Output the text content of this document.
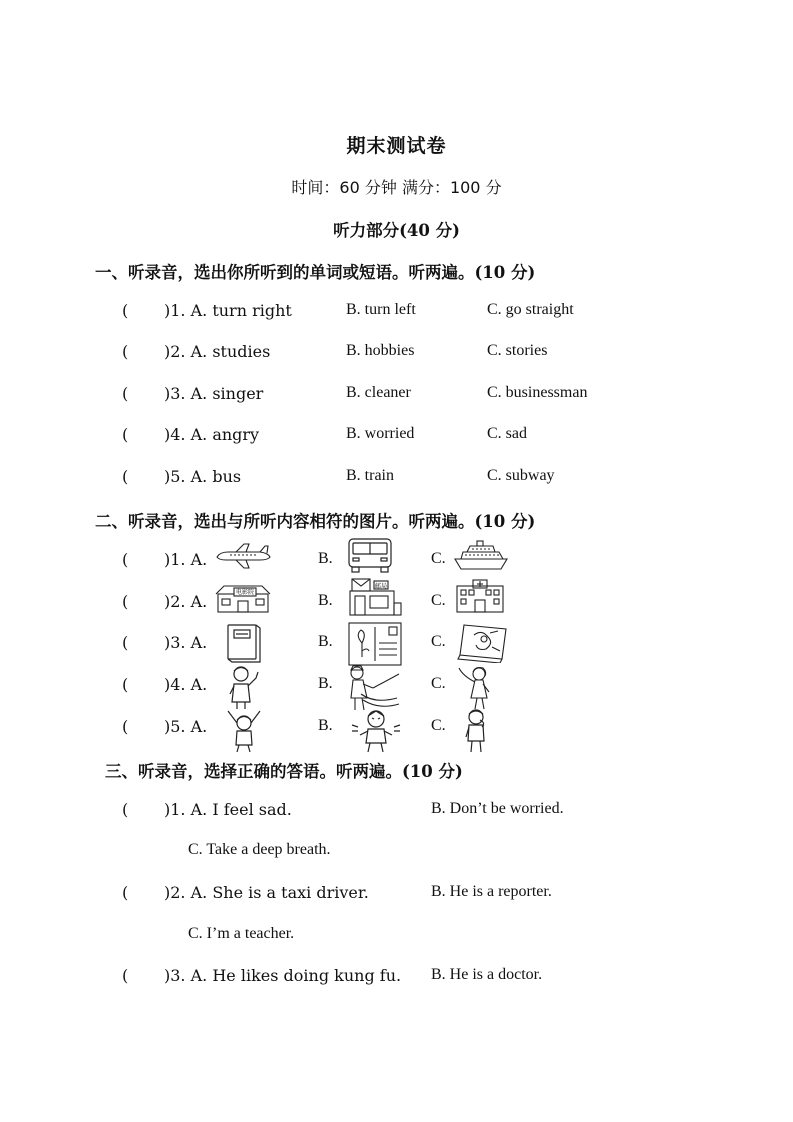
期末测试卷
时间：60 分钟 满分：100 分
听力部分(40 分)
一、听录音，选出你所听到的单词或短语。听两遍。(10 分)
( )1. A. turn right	B. turn left	C. go straight
( )2. A. studies	B. hobbies	C. stories
( )3. A. singer	B. cleaner	C. businessman
( )4. A. angry	B. worried	C. sad
( )5. A. bus	B. train	C. subway
二、听录音，选出与所听内容相符的图片。听两遍。(10 分)
( )1. A.	B.	C.
( )2. A.	B.	C.
电影院
邮局
( )3. A.	B.	C.
( )4. A.	B.	C.
( )5. A.	B.	C.
三、听录音，选择正确的答语。听两遍。(10 分)
( )1. A. I feel sad.	B. Don’t be worried.
C. Take a deep breath.
( )2. A. She is a taxi driver.	B. He is a reporter.
C. I’m a teacher.
( )3. A. He likes doing kung fu. B. He is a doctor.
